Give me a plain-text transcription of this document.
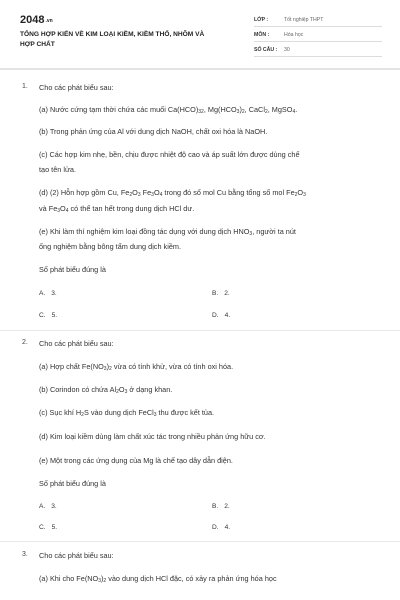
2048.vn
TỔNG HỢP KIẾN VỀ KIM LOẠI KIỀM, KIỀM THỔ, NHÔM VÀ
HỢP CHẤT
LỚP :	Tốt nghiệp THPT
MÔN :	Hóa học
SỐ CÂU : 30
1. Cho các phát biểu sau:
(a) Nước cứng tạm thời chứa các muối $Ca(HCO)_{32}$, $Mg(HCO_3)_2$, CaCl$_2$, MgSO$_4$.
(b) Trong phản ứng của Al với dung dịch NaOH, chất oxi hóa là NaOH.
(c) Các hợp kim nhẹ, bền, chịu được nhiệt độ cao và áp suất lớn được dùng chế
tạo tên lửa.
(d) (2) Hỗn hợp gồm Cu, $Fe_2O_3$ $Fe_3O_4$ trong đó số mol Cu bằng tổng số mol $Fe_2O_3$
và $Fe_3O_4$ có thể tan hết trong dung dịch HCl dư.
(e) Khi làm thí nghiệm kim loại đồng tác dụng với dung dịch $HNO_3$, người ta nút
ống nghiệm bằng bông tẩm dung dịch kiềm.
Số phát biểu đúng là
A. 3.	B. 2.
C. 5.	D. 4.
2. Cho các phát biểu sau:
(a) Hợp chất $Fe(NO_3)_2$ vừa có tính khử, vừa có tính oxi hóa.
(b) Corindon có chứa $Al_2O_3$ ở dạng khan.
(c) Sục khí $H_2S$ vào dung dịch FeCl$_3$ thu được kết tủa.
(d) Kim loại kiềm dùng làm chất xúc tác trong nhiều phản ứng hữu cơ.
(e) Một trong các ứng dụng của Mg là chế tạo dây dẫn điện.
Số phát biểu đúng là
A. 3.	B. 2.
C. 5.	D. 4.
3. Cho các phát biểu sau:
(a) Khi cho $Fe(NO_3)_2$ vào dung dịch HCl đặc, có xảy ra phản ứng hóa học
